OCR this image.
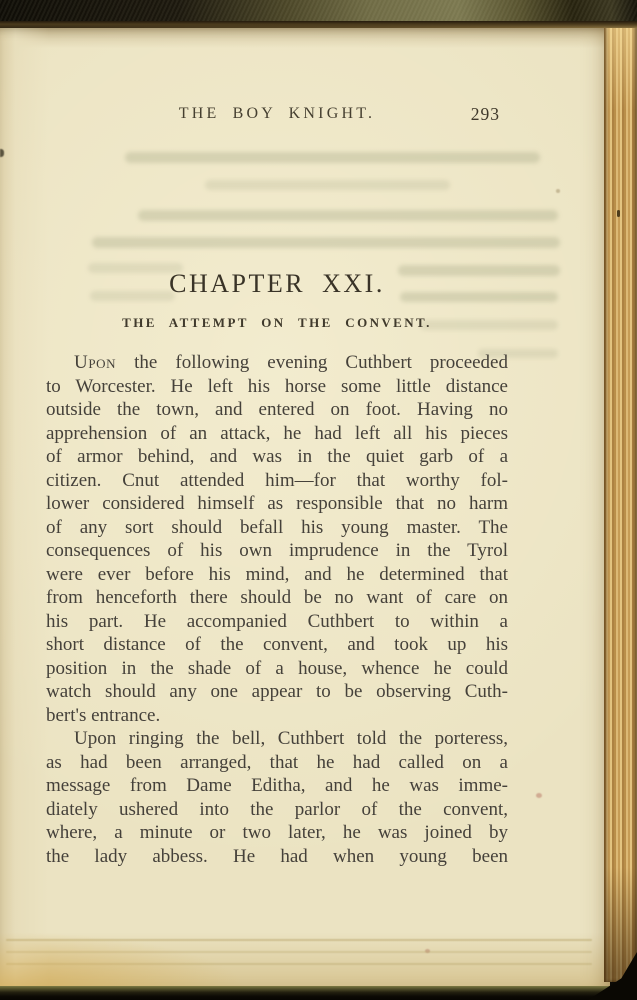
THE BOY KNIGHT.	293
CHAPTER XXI.
THE ATTEMPT ON THE CONVENT.
Upon the following evening Cuthbert proceeded
to Worcester. He left his horse some little distance
outside the town, and entered on foot. Having no
apprehension of an attack, he had left all his pieces
of armor behind, and was in the quiet garb of a
citizen. Cnut attended him—for that worthy fol-
lower considered himself as responsible that no harm
of any sort should befall his young master. The
consequences of his own imprudence in the Tyrol
were ever before his mind, and he determined that
from henceforth there should be no want of care on
his part. He accompanied Cuthbert to within a
short distance of the convent, and took up his
position in the shade of a house, whence he could
watch should any one appear to be observing Cuth-
bert's entrance.
Upon ringing the bell, Cuthbert told the porteress,
as had been arranged, that he had called on a
message from Dame Editha, and he was imme-
diately ushered into the parlor of the convent,
where, a minute or two later, he was joined by
the lady abbess. He had when young been
